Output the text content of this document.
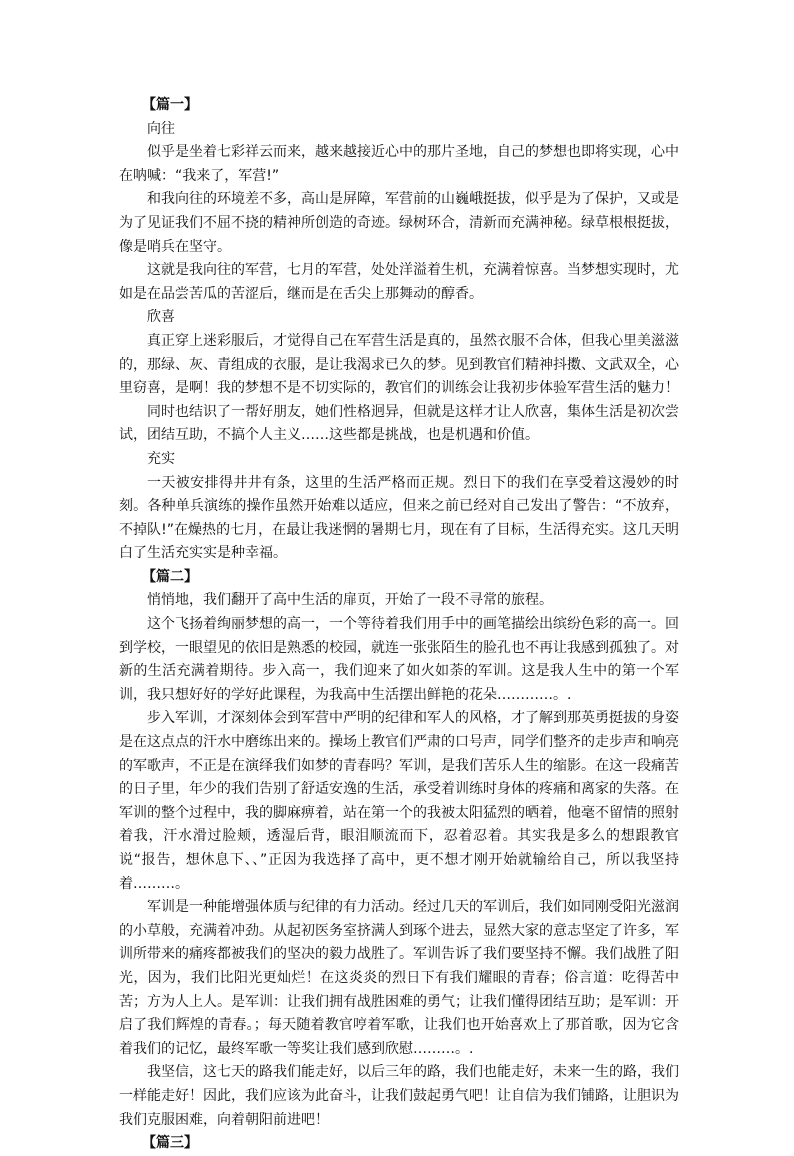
【篇一】

向往

似乎是坐着七彩祥云而来，越来越接近心中的那片圣地，自己的梦想也即将实现，心中在呐喊：“我来了，军营!”

和我向往的环境差不多，高山是屏障，军营前的山巍峨挺拔，似乎是为了保护，又或是为了见证我们不屈不挠的精神所创造的奇迹。绿树环合，清新而充满神秘。绿草根根挺拔，像是哨兵在坚守。

这就是我向往的军营，七月的军营，处处洋溢着生机，充满着惊喜。当梦想实现时，尤如是在品尝苦瓜的苦涩后，继而是在舌尖上那舞动的醇香。

欣喜

真正穿上迷彩服后，才觉得自己在军营生活是真的，虽然衣服不合体，但我心里美滋滋的，那绿、灰、青组成的衣服，是让我渴求已久的梦。见到教官们精神抖擞、文武双全，心里窃喜，是啊！我的梦想不是不切实际的，教官们的训练会让我初步体验军营生活的魅力！

同时也结识了一帮好朋友，她们性格迥异，但就是这样才让人欣喜，集体生活是初次尝试，团结互助，不搞个人主义……这些都是挑战，也是机遇和价值。

充实

一天被安排得井井有条，这里的生活严格而正规。烈日下的我们在享受着这漫妙的时刻。各种单兵演练的操作虽然开始难以适应，但来之前已经对自己发出了警告：“不放弃，不掉队!”在燥热的七月，在最让我迷惘的暑期七月，现在有了目标，生活得充实。这几天明白了生活充实实是种幸福。

【篇二】

悄悄地，我们翻开了高中生活的扉页，开始了一段不寻常的旅程。

这个飞扬着绚丽梦想的高一，一个等待着我们用手中的画笔描绘出缤纷色彩的高一。回到学校，一眼望见的依旧是熟悉的校园，就连一张张陌生的脸孔也不再让我感到孤独了。对新的生活充满着期待。步入高一，我们迎来了如火如荼的军训。这是我人生中的第一个军训，我只想好好的学好此课程，为我高中生活摆出鲜艳的花朵…………。.

步入军训，才深刻体会到军营中严明的纪律和军人的风格，才了解到那英勇挺拔的身姿是在这点点的汗水中磨练出来的。操场上教官们严肃的口号声，同学们整齐的走步声和响亮的军歌声，不正是在演绎我们如梦的青春吗？军训，是我们苦乐人生的缩影。在这一段痛苦的日子里，年少的我们告别了舒适安逸的生活，承受着训练时身体的疼痛和离家的失落。在军训的整个过程中，我的脚麻痹着，站在第一个的我被太阳猛烈的晒着，他毫不留情的照射着我，汗水滑过脸颊，透湿后背，眼泪顺流而下，忍着忍着。其实我是多么的想跟教官说“报告，想休息下、、”正因为我选择了高中，更不想才刚开始就输给自己，所以我坚持着………。

军训是一种能增强体质与纪律的有力活动。经过几天的军训后，我们如同刚受阳光滋润的小草般，充满着冲劲。从起初医务室挤满人到琢个进去，显然大家的意志坚定了许多，军训所带来的痛疼都被我们的坚决的毅力战胜了。军训告诉了我们要坚持不懈。我们战胜了阳光，因为，我们比阳光更灿烂！在这炎炎的烈日下有我们耀眼的青春；俗言道：吃得苦中苦；方为人上人。是军训：让我们拥有战胜困难的勇气；让我们懂得团结互助；是军训：开启了我们辉煌的青春。；每天随着教官哼着军歌，让我们也开始喜欢上了那首歌，因为它含着我们的记忆，最终军歌一等奖让我们感到欣慰………。.

我坚信，这七天的路我们能走好，以后三年的路，我们也能走好，未来一生的路，我们一样能走好！因此，我们应该为此奋斗，让我们鼓起勇气吧！让自信为我们铺路，让胆识为我们克服困难，向着朝阳前进吧！

【篇三】
